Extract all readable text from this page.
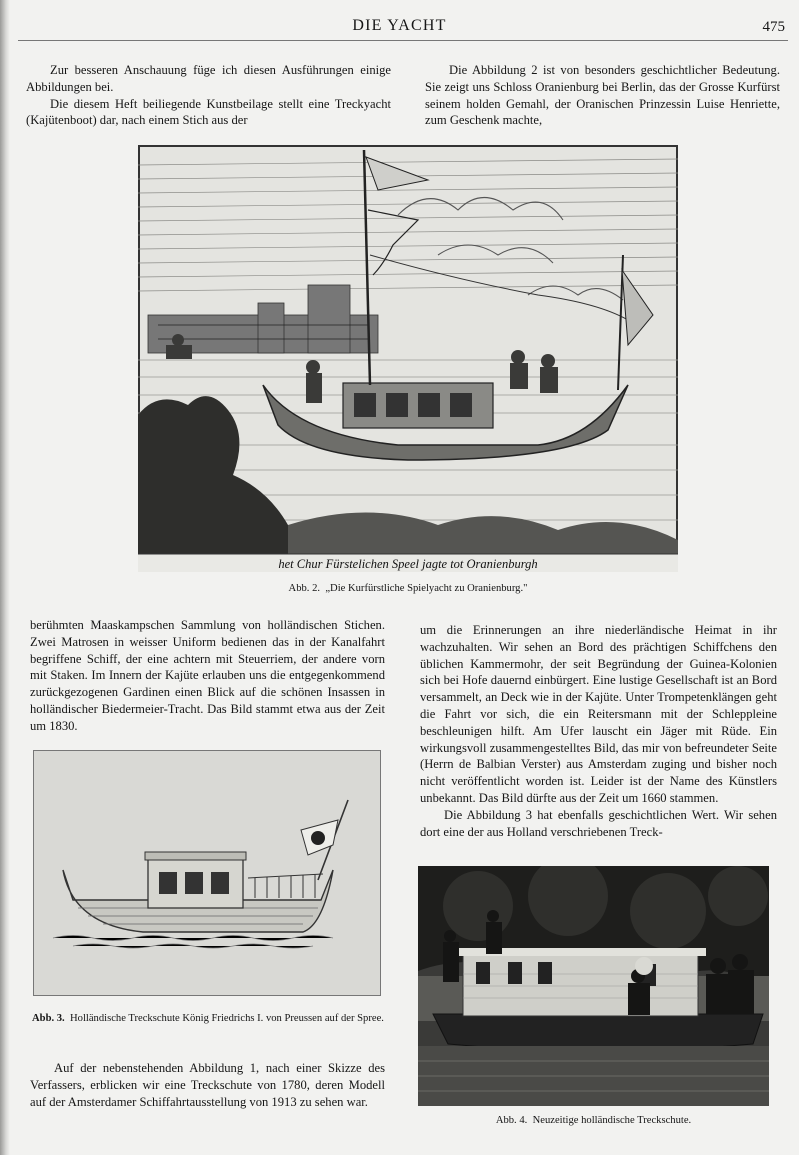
DIE YACHT	475

Zur besseren Anschauung füge ich diesen Ausführungen einige Abbildungen bei.

Die diesem Heft beiliegende Kunstbeilage stellt eine Treckyacht (Kajütenboot) dar, nach einem Stich aus der

Die Abbildung 2 ist von besonders geschichtlicher Bedeutung. Sie zeigt uns Schloss Oranienburg bei Berlin, das der Grosse Kurfürst seinem holden Gemahl, der Oranischen Prinzessin Luise Henriette, zum Geschenk machte,

het Chur Fürstelichen Speel jagte tot Oranienburgh
Abb. 2. „Die Kurfürstliche Spielyacht zu Oranienburg."

berühmten Maaskampschen Sammlung von holländischen Stichen. Zwei Matrosen in weisser Uniform bedienen das in der Kanalfahrt begriffene Schiff, der eine achtern mit Steuerriem, der andere vorn mit Staken. Im Innern der Kajüte erlauben uns die entgegenkommend zurückgezogenen Gardinen einen Blick auf die schönen Insassen in holländischer Biedermeier-Tracht. Das Bild stammt etwa aus der Zeit um 1830.

um die Erinnerungen an ihre niederländische Heimat in ihr wachzuhalten. Wir sehen an Bord des prächtigen Schiffchens den üblichen Kammermohr, der seit Begründung der Guinea-Kolonien sich bei Hofe dauernd einbürgert. Eine lustige Gesellschaft ist an Bord versammelt, an Deck wie in der Kajüte. Unter Trompetenklängen geht die Fahrt vor sich, die ein Reitersmann mit der Schleppleine beschleunigen hilft. Am Ufer lauscht ein Jäger mit Rüde. Ein wirkungsvoll zusammengestelltes Bild, das mir von befreundeter Seite (Herrn de Balbian Verster) aus Amsterdam zuging und bisher noch nicht veröffentlicht worden ist. Leider ist der Name des Künstlers unbekannt. Das Bild dürfte aus der Zeit um 1660 stammen.

Die Abbildung 3 hat ebenfalls geschichtlichen Wert. Wir sehen dort eine der aus Holland verschriebenen Treck-

Abb. 3. Holländische Treckschute König Friedrichs I. von Preussen auf der Spree.

Auf der nebenstehenden Abbildung 1, nach einer Skizze des Verfassers, erblicken wir eine Treckschute von 1780, deren Modell auf der Amsterdamer Schiffahrtausstellung von 1913 zu sehen war.

Abb. 4. Neuzeitige holländische Treckschute.
